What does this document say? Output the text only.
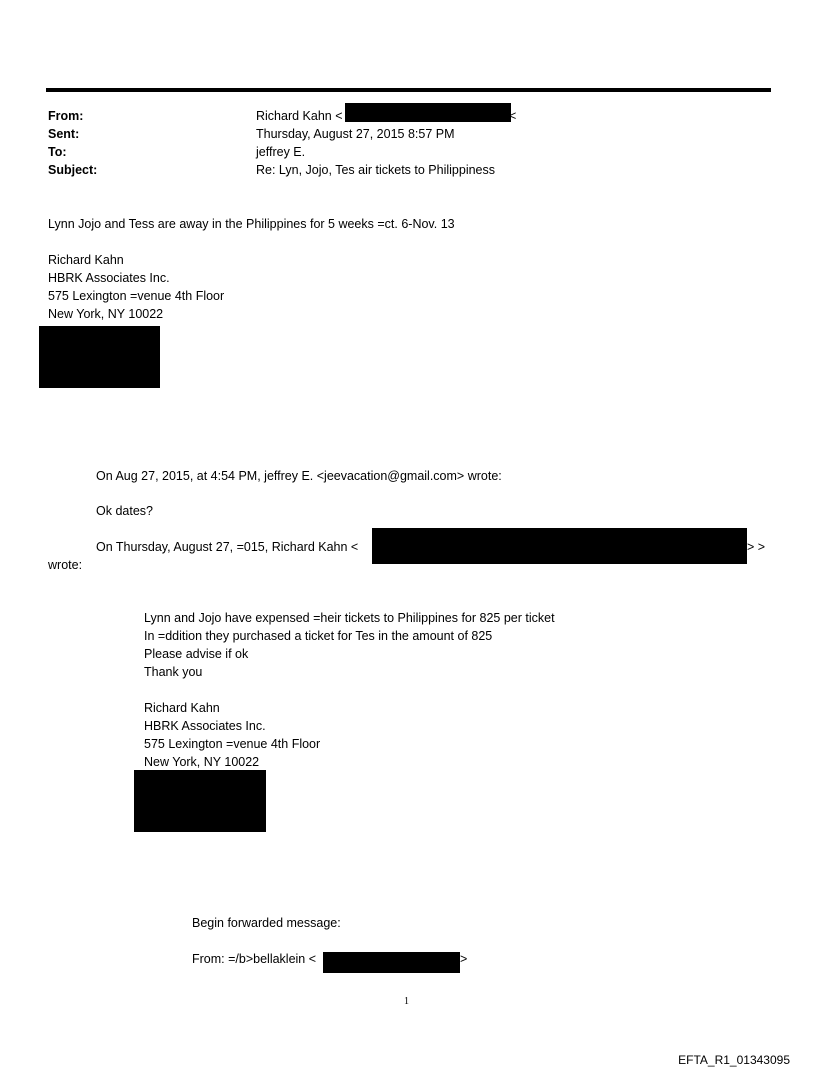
From:	Richard Kahn <	<
Sent:	Thursday, August 27, 2015 8:57 PM
To:	jeffrey E.
Subject:	Re: Lyn, Jojo, Tes air tickets to Philippiness
Lynn Jojo and Tess are away in the Philippines for 5 weeks =ct. 6-Nov. 13
Richard Kahn
HBRK Associates Inc.
575 Lexington =venue 4th Floor
New York, NY 10022
On Aug 27, 2015, at 4:54 PM, jeffrey E. <jeevacation@gmail.com> wrote:
Ok dates?
On Thursday, August 27, =015, Richard Kahn <	> >
wrote:
Lynn and Jojo have expensed =heir tickets to Philippines for 825 per ticket
In =ddition they purchased a ticket for Tes in the amount of 825
Please advise if ok
Thank you
Richard Kahn
HBRK Associates Inc.
575 Lexington =venue 4th Floor
New York, NY 10022
Begin forwarded message:
From: =/b>bellaklein <	>
1
EFTA_R1_01343095
